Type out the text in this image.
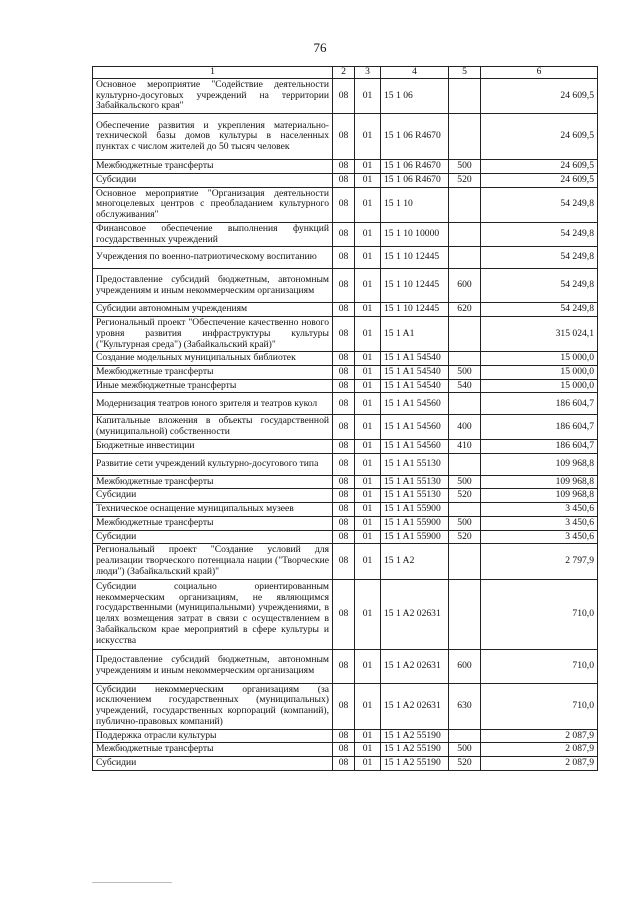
76
1	2	3	4	5	6
Основное мероприятие "Содействие деятельности культурно-досуговых учреждений на территории Забайкальского края"	08	01	15 1 06		24 609,5
Обеспечение развития и укрепления материально-технической базы домов культуры в населенных пунктах с числом жителей до 50 тысяч человек	08	01	15 1 06 R4670		24 609,5
Межбюджетные трансферты	08	01	15 1 06 R4670	500	24 609,5
Субсидии	08	01	15 1 06 R4670	520	24 609,5
Основное мероприятие "Организация деятельности многоцелевых центров с преобладанием культурного обслуживания"	08	01	15 1 10		54 249,8
Финансовое обеспечение выполнения функций государственных учреждений	08	01	15 1 10 10000		54 249,8
Учреждения по военно-патриотическому воспитанию	08	01	15 1 10 12445		54 249,8
Предоставление субсидий бюджетным, автономным учреждениям и иным некоммерческим организациям	08	01	15 1 10 12445	600	54 249,8
Субсидии автономным учреждениям	08	01	15 1 10 12445	620	54 249,8
Региональный проект "Обеспечение качественно нового уровня развития инфраструктуры культуры ("Культурная среда") (Забайкальский край)"	08	01	15 1 A1		315 024,1
Создание модельных муниципальных библиотек	08	01	15 1 A1 54540		15 000,0
Межбюджетные трансферты	08	01	15 1 A1 54540	500	15 000,0
Иные межбюджетные трансферты	08	01	15 1 A1 54540	540	15 000,0
Модернизация театров юного зрителя и театров кукол	08	01	15 1 A1 54560		186 604,7
Капитальные вложения в объекты государственной (муниципальной) собственности	08	01	15 1 A1 54560	400	186 604,7
Бюджетные инвестиции	08	01	15 1 A1 54560	410	186 604,7
Развитие сети учреждений культурно-досугового типа	08	01	15 1 A1 55130		109 968,8
Межбюджетные трансферты	08	01	15 1 A1 55130	500	109 968,8
Субсидии	08	01	15 1 A1 55130	520	109 968,8
Техническое оснащение муниципальных музеев	08	01	15 1 A1 55900		3 450,6
Межбюджетные трансферты	08	01	15 1 A1 55900	500	3 450,6
Субсидии	08	01	15 1 A1 55900	520	3 450,6
Региональный проект "Создание условий для реализации творческого потенциала нации ("Творческие люди") (Забайкальский край)"	08	01	15 1 A2		2 797,9
Субсидии социально ориентированным некоммерческим организациям, не являющимся государственными (муниципальными) учреждениями, в целях возмещения затрат в связи с осуществлением в Забайкальском крае мероприятий в сфере культуры и искусства	08	01	15 1 A2 02631		710,0
Предоставление субсидий бюджетным, автономным учреждениям и иным некоммерческим организациям	08	01	15 1 A2 02631	600	710,0
Субсидии некоммерческим организациям (за исключением государственных (муниципальных) учреждений, государственных корпораций (компаний), публично-правовых компаний)	08	01	15 1 A2 02631	630	710,0
Поддержка отрасли культуры	08	01	15 1 A2 55190		2 087,9
Межбюджетные трансферты	08	01	15 1 A2 55190	500	2 087,9
Субсидии	08	01	15 1 A2 55190	520	2 087,9
